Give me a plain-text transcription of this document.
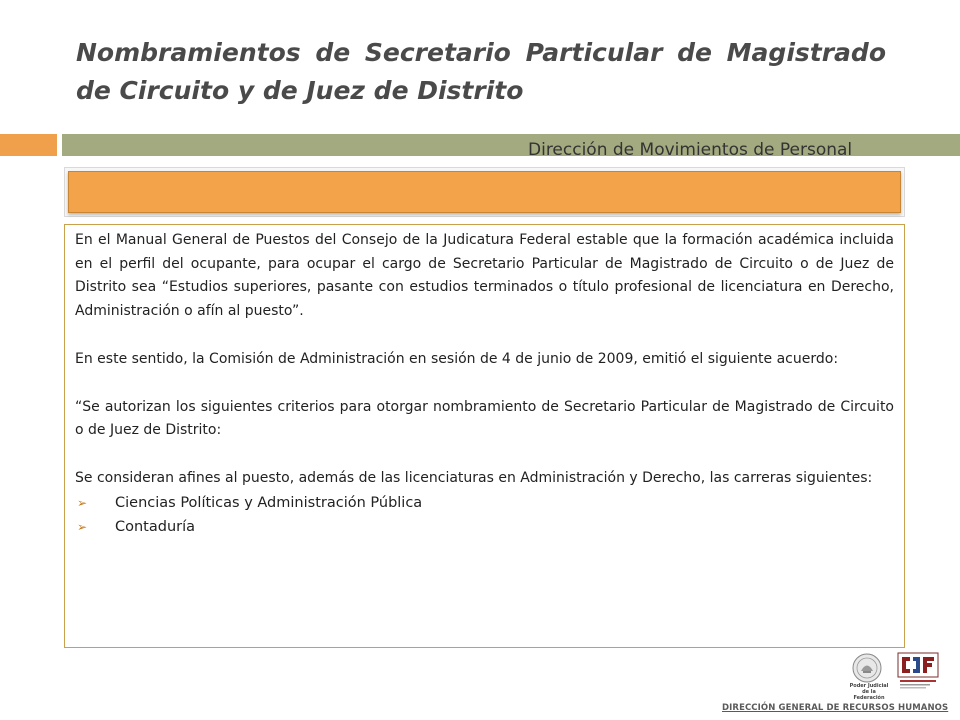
Nombramientos de Secretario Particular de Magistrado de Circuito y de Juez de Distrito
Dirección de Movimientos de Personal

En el Manual General de Puestos del Consejo de la Judicatura Federal estable que la formación académica incluida en el perfil del ocupante, para ocupar el cargo de Secretario Particular de Magistrado de Circuito o de Juez de Distrito sea “Estudios superiores, pasante con estudios terminados o título profesional de licenciatura en Derecho, Administración o afín al puesto”.

En este sentido, la Comisión de Administración en sesión de 4 de junio de 2009, emitió el siguiente acuerdo:

“Se autorizan los siguientes criterios para otorgar nombramiento de Secretario Particular de Magistrado de Circuito o de Juez de Distrito:

Se consideran afines al puesto, además de las licenciaturas en Administración y Derecho, las carreras siguientes:

➢	Ciencias Políticas y Administración Pública
➢	Contaduría
Poder Judicial de la Federación
DIRECCIÓN GENERAL DE RECURSOS HUMANOS
